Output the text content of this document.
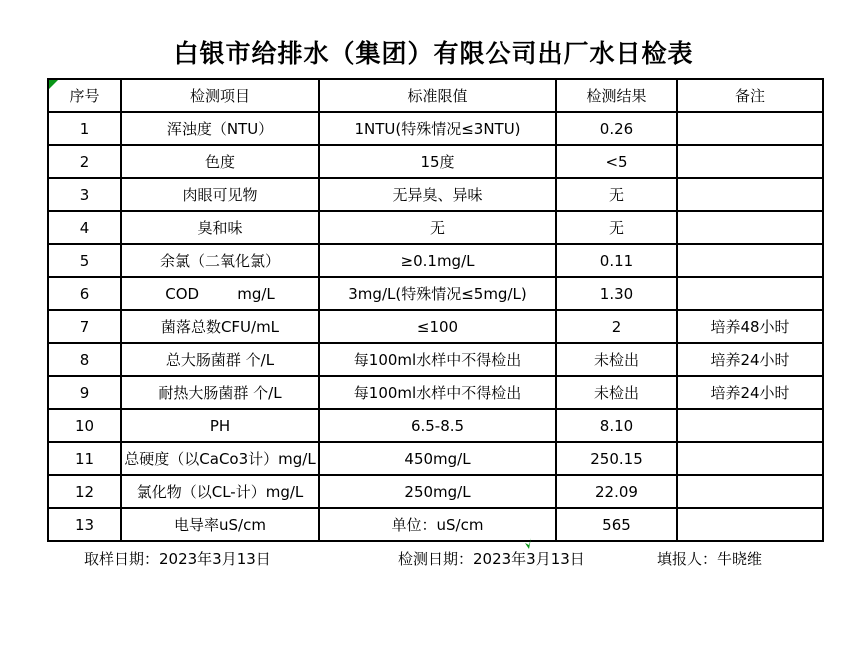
白银市给排水（集团）有限公司出厂水日检表
序号	检测项目	标准限值	检测结果	备注
1	浑浊度（NTU）	1NTU(特殊情况≤3NTU)	0.26	
2	色度	15度	<5	
3	肉眼可见物	无异臭、异味	无	
4	臭和味	无	无	
5	余氯（二氧化氯）	≥0.1mg/L	0.11	
6	COD        mg/L	3mg/L(特殊情况≤5mg/L)	1.30	
7	菌落总数CFU/mL	≤100	2	培养48小时
8	总大肠菌群 个/L	每100ml水样中不得检出	未检出	培养24小时
9	耐热大肠菌群 个/L	每100ml水样中不得检出	未检出	培养24小时
10	PH	6.5-8.5	8.10	
11	总硬度（以CaCo3计）mg/L	450mg/L	250.15	
12	氯化物（以CL-计）mg/L	250mg/L	22.09	
13	电导率uS/cm	单位：uS/cm	565	
取样日期：2023年3月13日	检测日期：2023年3月13日	填报人：牛晓维
